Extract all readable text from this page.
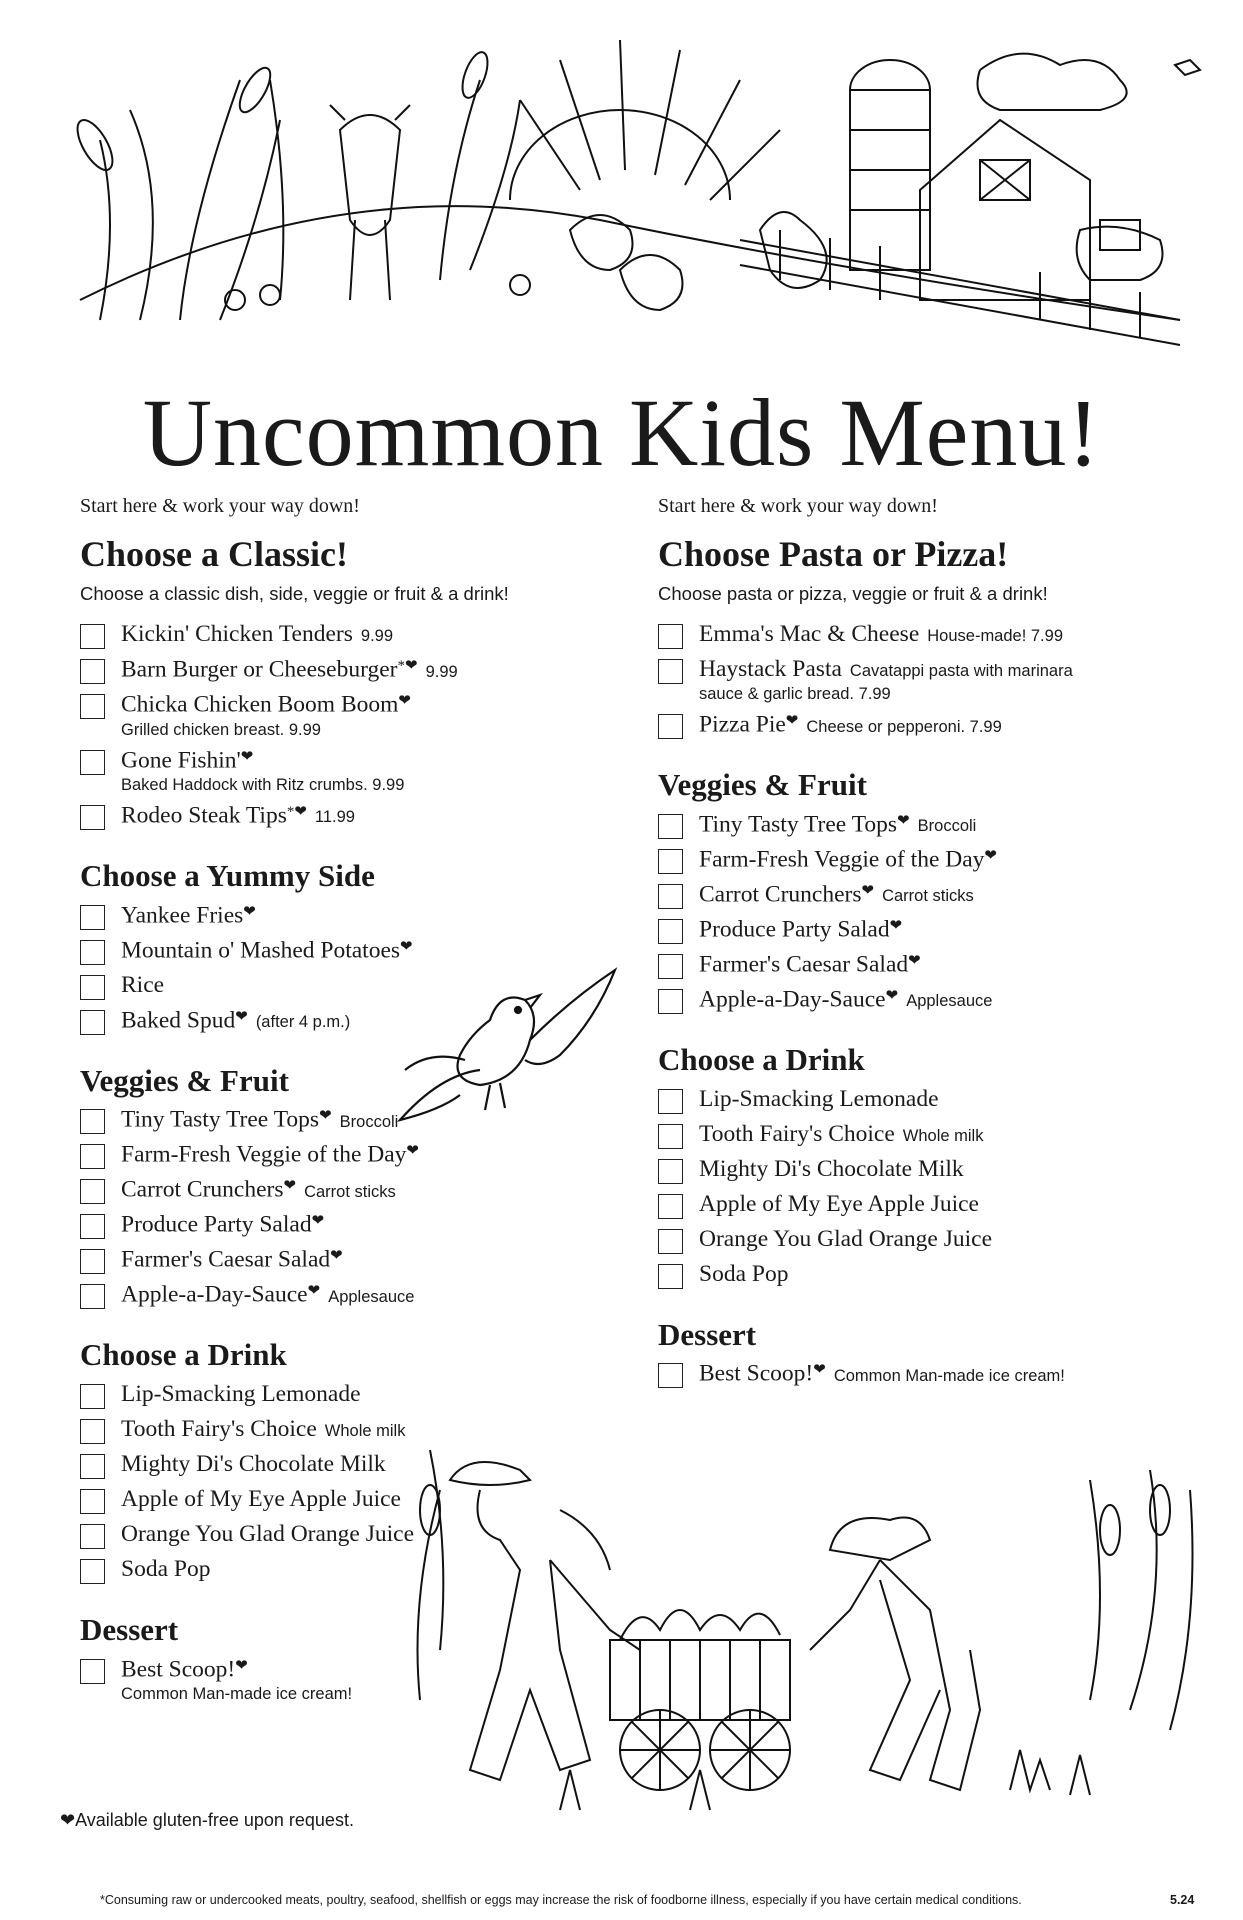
Uncommon Kids Menu!
Start here & work your way down!
Choose a Classic!
Choose a classic dish, side, veggie or fruit & a drink!
Kickin' Chicken Tenders 9.99
Barn Burger or Cheeseburger*❤ 9.99
Chicka Chicken Boom Boom❤
Grilled chicken breast. 9.99
Gone Fishin'❤
Baked Haddock with Ritz crumbs. 9.99
Rodeo Steak Tips*❤ 11.99
Choose a Yummy Side
Yankee Fries❤
Mountain o' Mashed Potatoes❤
Rice
Baked Spud❤ (after 4 p.m.)
Veggies & Fruit
Tiny Tasty Tree Tops❤ Broccoli
Farm-Fresh Veggie of the Day❤
Carrot Crunchers❤ Carrot sticks
Produce Party Salad❤
Farmer's Caesar Salad❤
Apple-a-Day-Sauce❤ Applesauce
Choose a Drink
Lip-Smacking Lemonade
Tooth Fairy's Choice Whole milk
Mighty Di's Chocolate Milk
Apple of My Eye Apple Juice
Orange You Glad Orange Juice
Soda Pop
Dessert
Best Scoop!❤
Common Man-made ice cream!
Start here & work your way down!
Choose Pasta or Pizza!
Choose pasta or pizza, veggie or fruit & a drink!
Emma's Mac & Cheese House-made! 7.99
Haystack Pasta Cavatappi pasta with marinara
sauce & garlic bread. 7.99
Pizza Pie❤ Cheese or pepperoni. 7.99
Veggies & Fruit
Tiny Tasty Tree Tops❤ Broccoli
Farm-Fresh Veggie of the Day❤
Carrot Crunchers❤ Carrot sticks
Produce Party Salad❤
Farmer's Caesar Salad❤
Apple-a-Day-Sauce❤ Applesauce
Choose a Drink
Lip-Smacking Lemonade
Tooth Fairy's Choice Whole milk
Mighty Di's Chocolate Milk
Apple of My Eye Apple Juice
Orange You Glad Orange Juice
Soda Pop
Dessert
Best Scoop!❤ Common Man-made ice cream!
❤Available gluten-free upon request.
*Consuming raw or undercooked meats, poultry, seafood, shellfish or eggs may increase the risk of foodborne illness, especially if you have certain medical conditions.	5.24
